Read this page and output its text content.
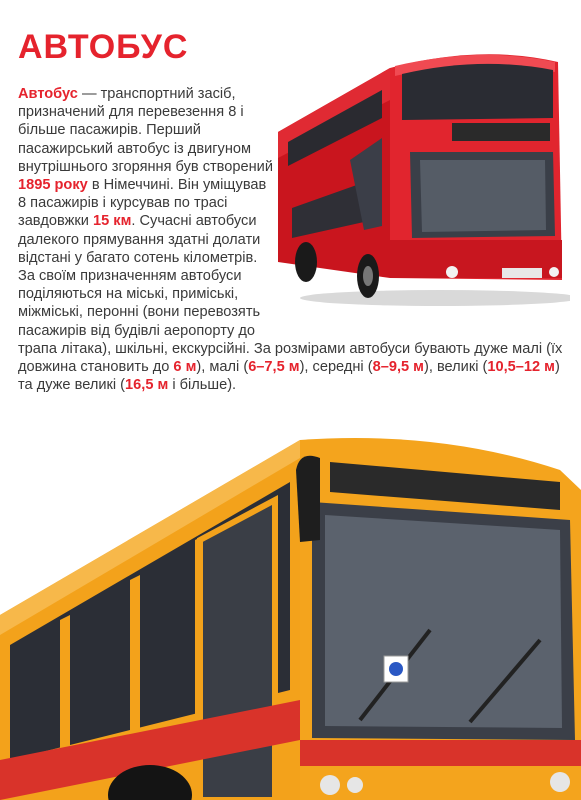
АВТОБУС
Автобус — транспортний засіб, призначений для перевезення 8 і більше пасажирів. Перший пасажирський автобус із двигуном внутрішнього згоряння був створений 1895 року в Німеччині. Він уміщував 8 пасажирів і курсував по трасі завдовжки 15 км. Сучасні автобуси далекого прямування здатні долати відстані у багато сотень кілометрів. За своїм призначенням автобуси поділяються на міські, приміські, міжміські, перонні (вони перевозять пасажирів від будівлі аеропорту до трапа літака), шкільні, екскурсійні. За розмірами автобуси бувають дуже малі (їх довжина становить до 6 м), малі (6–7,5 м), середні (8–9,5 м), великі (10,5–12 м) та дуже великі (16,5 м і більше).
